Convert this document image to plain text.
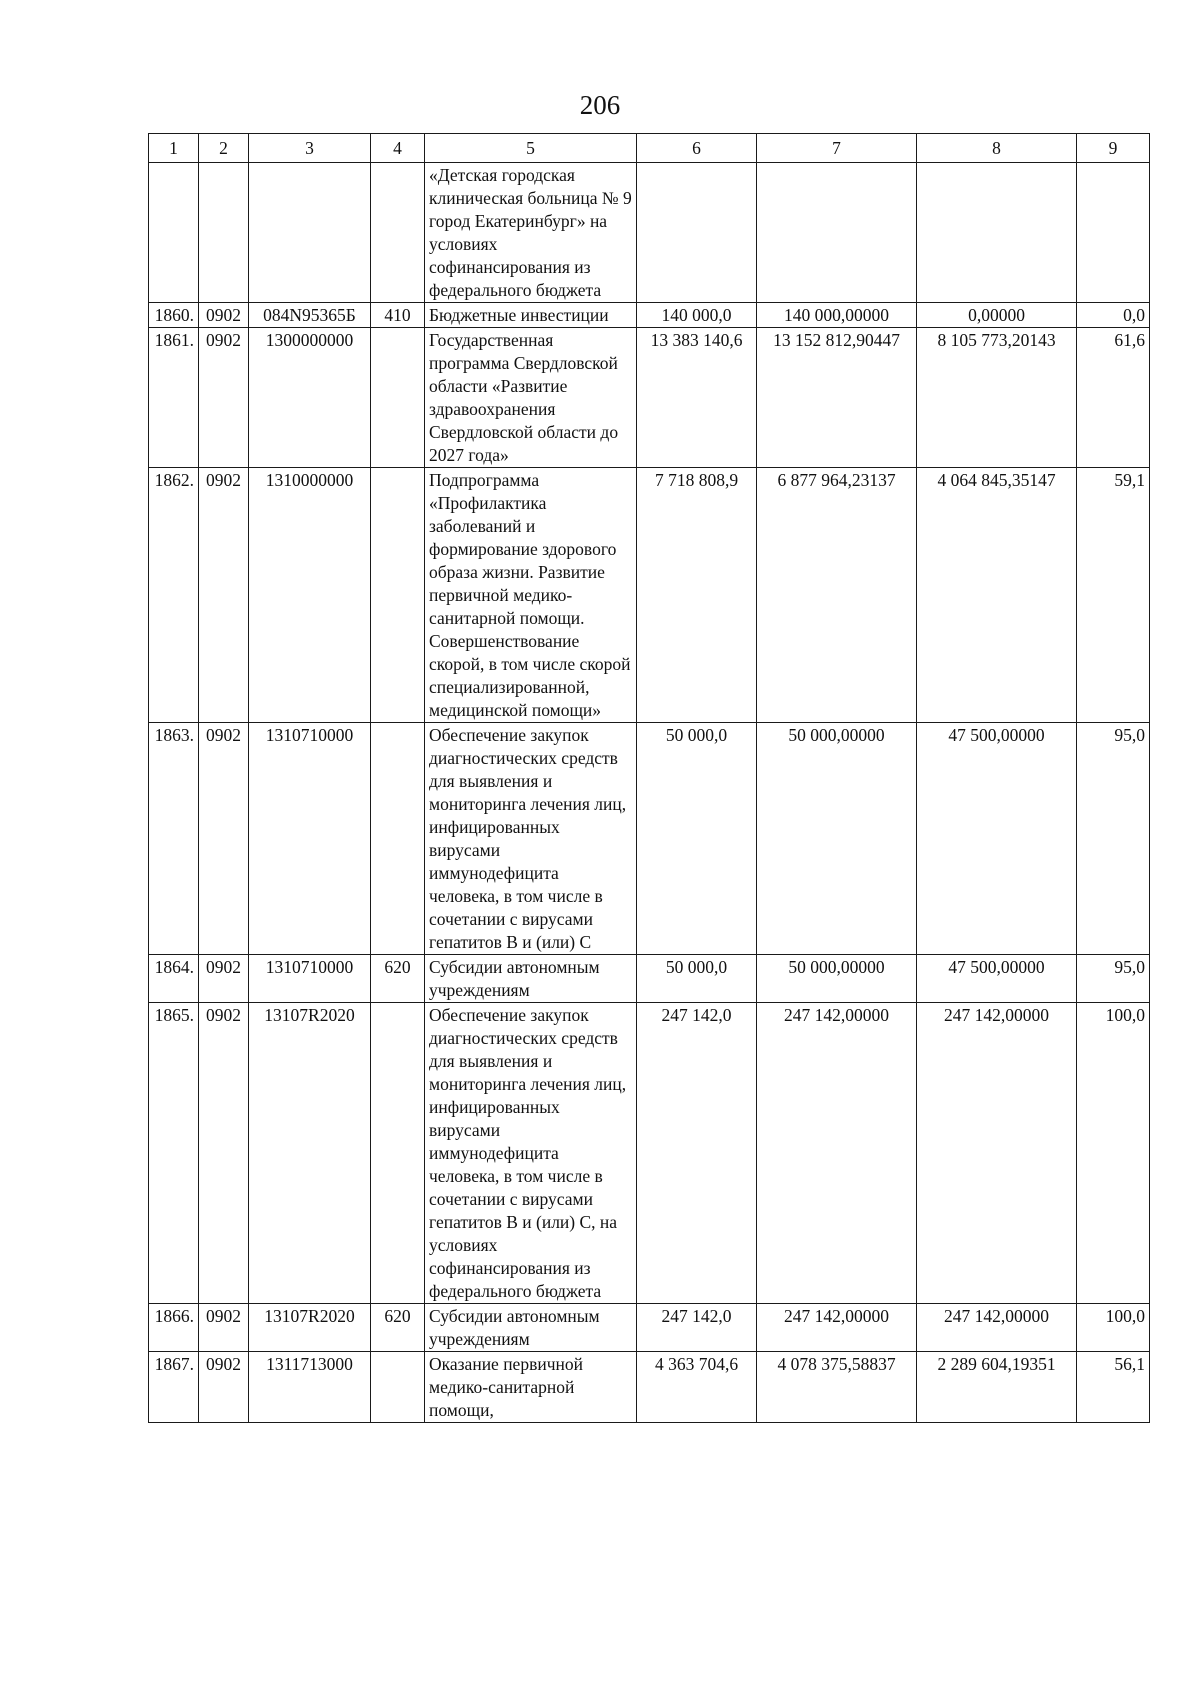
206
1	2	3	4	5	6	7	8	9
				«Детская городская клиническая больница № 9 город Екатеринбург» на условиях софинансирования из федерального бюджета				
1860.	0902	084N95365Б	410	Бюджетные инвестиции	140 000,0	140 000,00000	0,00000	0,0
1861.	0902	1300000000		Государственная программа Свердловской области «Развитие здравоохранения Свердловской области до 2027 года»	13 383 140,6	13 152 812,90447	8 105 773,20143	61,6
1862.	0902	1310000000		Подпрограмма «Профилактика заболеваний и формирование здорового образа жизни. Развитие первичной медико-санитарной помощи. Совершенствование скорой, в том числе скорой специализированной, медицинской помощи»	7 718 808,9	6 877 964,23137	4 064 845,35147	59,1
1863.	0902	1310710000		Обеспечение закупок диагностических средств для выявления и мониторинга лечения лиц, инфицированных вирусами иммунодефицита человека, в том числе в сочетании с вирусами гепатитов B и (или) C	50 000,0	50 000,00000	47 500,00000	95,0
1864.	0902	1310710000	620	Субсидии автономным учреждениям	50 000,0	50 000,00000	47 500,00000	95,0
1865.	0902	13107R2020		Обеспечение закупок диагностических средств для выявления и мониторинга лечения лиц, инфицированных вирусами иммунодефицита человека, в том числе в сочетании с вирусами гепатитов B и (или) C, на условиях софинансирования из федерального бюджета	247 142,0	247 142,00000	247 142,00000	100,0
1866.	0902	13107R2020	620	Субсидии автономным учреждениям	247 142,0	247 142,00000	247 142,00000	100,0
1867.	0902	1311713000		Оказание первичной медико-санитарной помощи,	4 363 704,6	4 078 375,58837	2 289 604,19351	56,1
